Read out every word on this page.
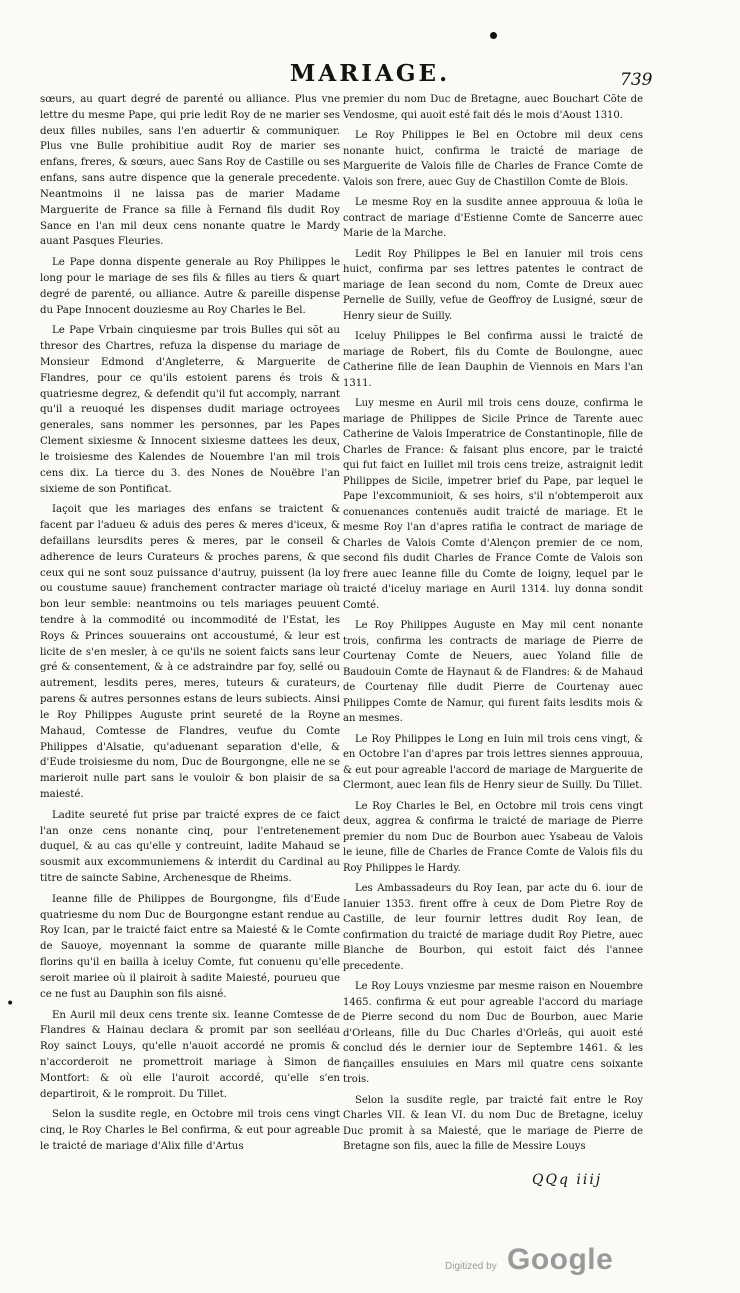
MARIAGE.	739
•

sœurs, au quart degré de parenté ou alliance. Plus vne lettre du mesme Pape, qui prie ledit Roy de ne marier ses deux filles nubiles, sans l'en aduertir & communiquer. Plus vne Bulle prohibitiue audit Roy de marier ses enfans, freres, & sœurs, auec Sans Roy de Castille ou ses enfans, sans autre dispence que la generale precedente. Neantmoins il ne laissa pas de marier Madame Marguerite de France sa fille à Fernand fils dudit Roy Sance en l'an mil deux cens nonante quatre le Mardy auant Pasques Fleuries.

Le Pape donna dispente generale au Roy Philippes le long pour le mariage de ses fils & filles au tiers & quart degré de parenté, ou alliance. Autre & pareille dispense du Pape Innocent douziesme au Roy Charles le Bel.

Le Pape Vrbain cinquiesme par trois Bulles qui sõt au thresor des Chartres, refuza la dispense du mariage de Monsieur Edmond d'Angleterre, & Marguerite de Flandres, pour ce qu'ils estoient parens és trois & quatriesme degrez, & defendit qu'il fut accomply, narrant qu'il a reuoqué les dispenses dudit mariage octroyees generales, sans nommer les personnes, par les Papes Clement sixiesme & Innocent sixiesme dattees les deux, le troisiesme des Kalendes de Nouembre l'an mil trois cens dix. La tierce du 3. des Nones de Nouëbre l'an sixieme de son Pontificat.

Iaçoit que les mariages des enfans se traictent & facent par l'adueu & aduis des peres & meres d'iceux, & defaillans leursdits peres & meres, par le conseil & adherence de leurs Curateurs & proches parens, & que ceux qui ne sont souz puissance d'autruy, puissent (la loy ou coustume sauue) franchement contracter mariage où bon leur semble: neantmoins ou tels mariages peuuent tendre à la commodité ou incommodité de l'Estat, les Roys & Princes souuerains ont accoustumé, & leur est licite de s'en mesler, à ce qu'ils ne soient faicts sans leur gré & consentement, & à ce adstraindre par foy, sellé ou autrement, lesdits peres, meres, tuteurs & curateurs, parens & autres personnes estans de leurs subiects. Ainsi le Roy Philippes Auguste print seureté de la Royne Mahaud, Comtesse de Flandres, veufue du Comte Philippes d'Alsatie, qu'aduenant separation d'elle, & d'Eude troisiesme du nom, Duc de Bourgongne, elle ne se marieroit nulle part sans le vouloir & bon plaisir de sa maiesté.

Ladite seureté fut prise par traicté expres de ce faict l'an onze cens nonante cinq, pour l'entretenement duquel, & au cas qu'elle y contreuint, ladite Mahaud se sousmit aux excommuniemens & interdit du Cardinal au titre de saincte Sabine, Archenesque de Rheims.

Ieanne fille de Philippes de Bourgongne, fils d'Eude quatriesme du nom Duc de Bourgongne estant rendue au Roy Ican, par le traicté faict entre sa Maiesté & le Comte de Sauoye, moyennant la somme de quarante mille florins qu'il en bailla à iceluy Comte, fut conuenu qu'elle seroit mariee où il plairoit à sadite Maiesté, pourueu que ce ne fust au Dauphin son fils aisné.

En Auril mil deux cens trente six. Ieanne Comtesse de Flandres & Hainau declara & promit par son seelléau Roy sainct Louys, qu'elle n'auoit accordé ne promis & n'accorderoit ne promettroit mariage à Simon de Montfort: & où elle l'auroit accordé, qu'elle s'en departiroit, & le romproit. Du Tillet.

Selon la susdite regle, en Octobre mil trois cens vingt cinq, le Roy Charles le Bel confirma, & eut pour agreable le traicté de mariage d'Alix fille d'Artus

premier du nom Duc de Bretagne, auec Bouchart Cõte de Vendosme, qui auoit esté fait dés le mois d'Aoust 1310.

Le Roy Philippes le Bel en Octobre mil deux cens nonante huict, confirma le traicté de mariage de Marguerite de Valois fille de Charles de France Comte de Valois son frere, auec Guy de Chastillon Comte de Blois.

Le mesme Roy en la susdite annee approuua & loüa le contract de mariage d'Estienne Comte de Sancerre auec Marie de la Marche.

Ledit Roy Philippes le Bel en Ianuier mil trois cens huict, confirma par ses lettres patentes le contract de mariage de Iean second du nom, Comte de Dreux auec Pernelle de Suilly, vefue de Geoffroy de Lusigné, sœur de Henry sieur de Suilly.

Iceluy Philippes le Bel confirma aussi le traicté de mariage de Robert, fils du Comte de Boulongne, auec Catherine fille de Iean Dauphin de Viennois en Mars l'an 1311.

Luy mesme en Auril mil trois cens douze, confirma le mariage de Philippes de Sicile Prince de Tarente auec Catherine de Valois Imperatrice de Constantinople, fille de Charles de France: & faisant plus encore, par le traicté qui fut faict en Iuillet mil trois cens treize, astraignit ledit Philippes de Sicile, impetrer brief du Pape, par lequel le Pape l'excommunioit, & ses hoirs, s'il n'obtemperoit aux conuenances contenuës audit traicté de mariage. Et le mesme Roy l'an d'apres ratifia le contract de mariage de Charles de Valois Comte d'Alençon premier de ce nom, second fils dudit Charles de France Comte de Valois son frere auec Ieanne fille du Comte de Ioigny, lequel par le traicté d'iceluy mariage en Auril 1314. luy donna sondit Comté.

Le Roy Philippes Auguste en May mil cent nonante trois, confirma les contracts de mariage de Pierre de Courtenay Comte de Neuers, auec Yoland fille de Baudouin Comte de Haynaut & de Flandres: & de Mahaud de Courtenay fille dudit Pierre de Courtenay auec Philippes Comte de Namur, qui furent faits lesdits mois & an mesmes.

Le Roy Philippes le Long en Iuin mil trois cens vingt, & en Octobre l'an d'apres par trois lettres siennes approuua, & eut pour agreable l'accord de mariage de Marguerite de Clermont, auec Iean fils de Henry sieur de Suilly. Du Tillet.

Le Roy Charles le Bel, en Octobre mil trois cens vingt deux, aggrea & confirma le traicté de mariage de Pierre premier du nom Duc de Bourbon auec Ysabeau de Valois le ieune, fille de Charles de France Comte de Valois fils du Roy Philippes le Hardy.

Les Ambassadeurs du Roy Iean, par acte du 6. iour de Ianuier 1353. firent offre à ceux de Dom Pietre Roy de Castille, de leur fournir lettres dudit Roy Iean, de confirmation du traicté de mariage dudit Roy Pietre, auec Blanche de Bourbon, qui estoit faict dés l'annee precedente.

Le Roy Louys vnziesme par mesme raison en Nouembre 1465. confirma & eut pour agreable l'accord du mariage de Pierre second du nom Duc de Bourbon, auec Marie d'Orleans, fille du Duc Charles d'Orleãs, qui auoit esté conclud dés le dernier iour de Septembre 1461. & les fiançailles ensuiuies en Mars mil quatre cens soixante trois.

Selon la susdite regle, par traicté fait entre le Roy Charles VII. & Iean VI. du nom Duc de Bretagne, iceluy Duc promit à sa Maiesté, que le mariage de Pierre de Bretagne son fils, auec la fille de Messire Louys

QQq iiij
Digitized by Google
